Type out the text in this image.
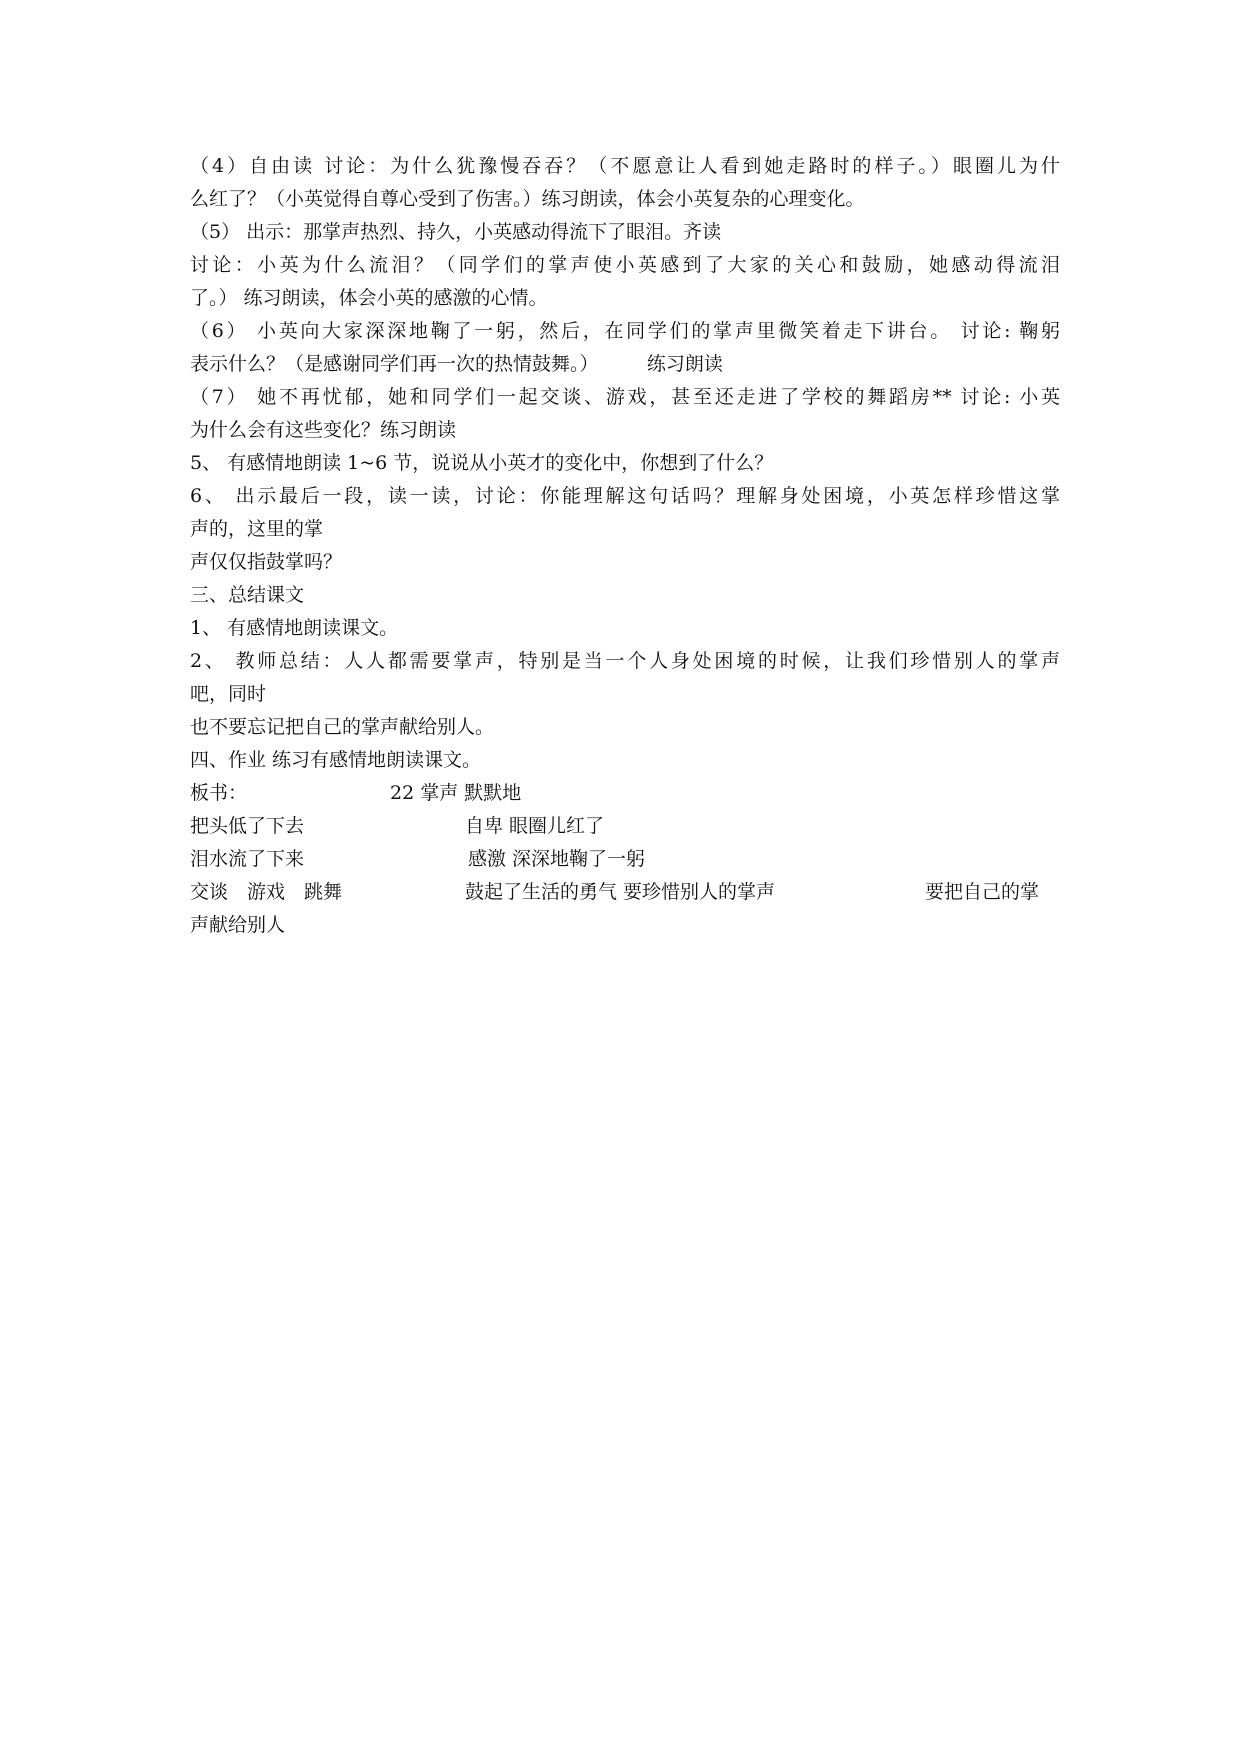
（4）自由读 讨论：为什么犹豫慢吞吞？（不愿意让人看到她走路时的样子。）眼圈儿为什
么红了？（小英觉得自尊心受到了伤害。）练习朗读，体会小英复杂的心理变化。
（5） 出示：那掌声热烈、持久，小英感动得流下了眼泪。齐读
讨论：小英为什么流泪？（同学们的掌声使小英感到了大家的关心和鼓励，她感动得流泪
了。） 练习朗读，体会小英的感激的心情。
（6） 小英向大家深深地鞠了一躬，然后，在同学们的掌声里微笑着走下讲台。 讨论: 鞠躬
表示什么？（是感谢同学们再一次的热情鼓舞。）        练习朗读
（7） 她不再忧郁，她和同学们一起交谈、游戏，甚至还走进了学校的舞蹈房** 讨论: 小英
为什么会有这些变化？练习朗读
5、 有感情地朗读 1~6 节，说说从小英才的变化中，你想到了什么？
6、 出示最后一段，读一读，讨论：你能理解这句话吗？理解身处困境，小英怎样珍惜这掌
声的，这里的掌
声仅仅指鼓掌吗？
三、总结课文
1、 有感情地朗读课文。
2、 教师总结：人人都需要掌声，特别是当一个人身处困境的时候，让我们珍惜别人的掌声
吧，同时
也不要忘记把自己的掌声献给别人。
四、作业 练习有感情地朗读课文。
板书：	22 掌声 默默地
把头低了下去	自卑 眼圈儿红了
泪水流了下来	感激 深深地鞠了一躬
交谈　游戏　跳舞	鼓起了生活的勇气 要珍惜别人的掌声	要把自己的掌
声献给别人
